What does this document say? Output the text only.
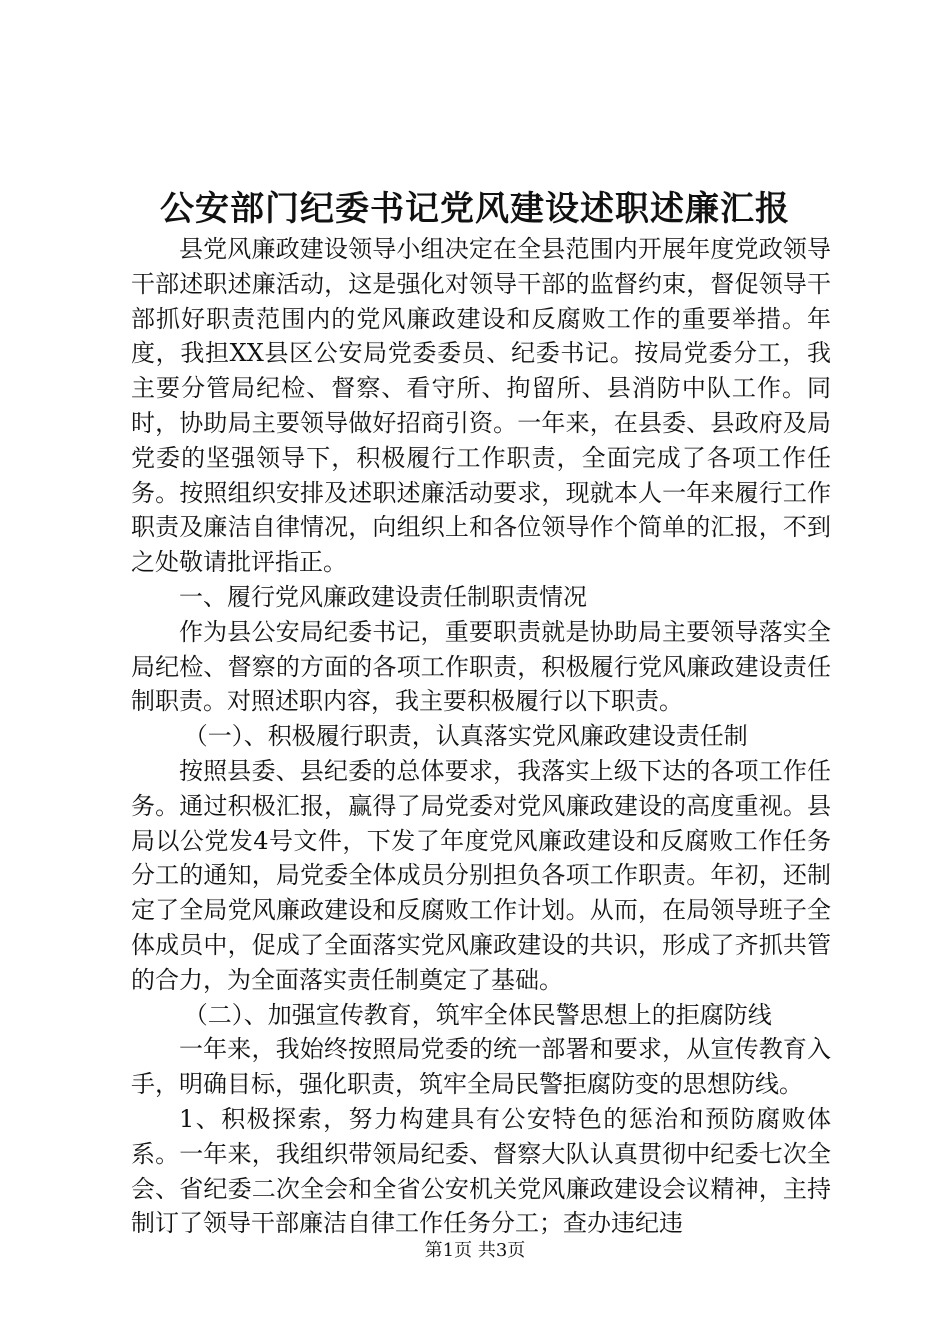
公安部门纪委书记党风建设述职述廉汇报

县党风廉政建设领导小组决定在全县范围内开展年度党政领导干部述职述廉活动，这是强化对领导干部的监督约束，督促领导干部抓好职责范围内的党风廉政建设和反腐败工作的重要举措。年度，我担XX县区公安局党委委员、纪委书记。按局党委分工，我主要分管局纪检、督察、看守所、拘留所、县消防中队工作。同时，协助局主要领导做好招商引资。一年来，在县委、县政府及局党委的坚强领导下，积极履行工作职责，全面完成了各项工作任务。按照组织安排及述职述廉活动要求，现就本人一年来履行工作职责及廉洁自律情况，向组织上和各位领导作个简单的汇报，不到之处敬请批评指正。

一、履行党风廉政建设责任制职责情况

作为县公安局纪委书记，重要职责就是协助局主要领导落实全局纪检、督察的方面的各项工作职责，积极履行党风廉政建设责任制职责。对照述职内容，我主要积极履行以下职责。

（一）、积极履行职责，认真落实党风廉政建设责任制

按照县委、县纪委的总体要求，我落实上级下达的各项工作任务。通过积极汇报，赢得了局党委对党风廉政建设的高度重视。县局以公党发4号文件，下发了年度党风廉政建设和反腐败工作任务分工的通知，局党委全体成员分别担负各项工作职责。年初，还制定了全局党风廉政建设和反腐败工作计划。从而，在局领导班子全体成员中，促成了全面落实党风廉政建设的共识，形成了齐抓共管的合力，为全面落实责任制奠定了基础。

（二）、加强宣传教育，筑牢全体民警思想上的拒腐防线

一年来，我始终按照局党委的统一部署和要求，从宣传教育入手，明确目标，强化职责，筑牢全局民警拒腐防变的思想防线。

1、积极探索，努力构建具有公安特色的惩治和预防腐败体系。一年来，我组织带领局纪委、督察大队认真贯彻中纪委七次全会、省纪委二次全会和全省公安机关党风廉政建设会议精神，主持制订了领导干部廉洁自律工作任务分工；查办违纪违

第1页 共3页
